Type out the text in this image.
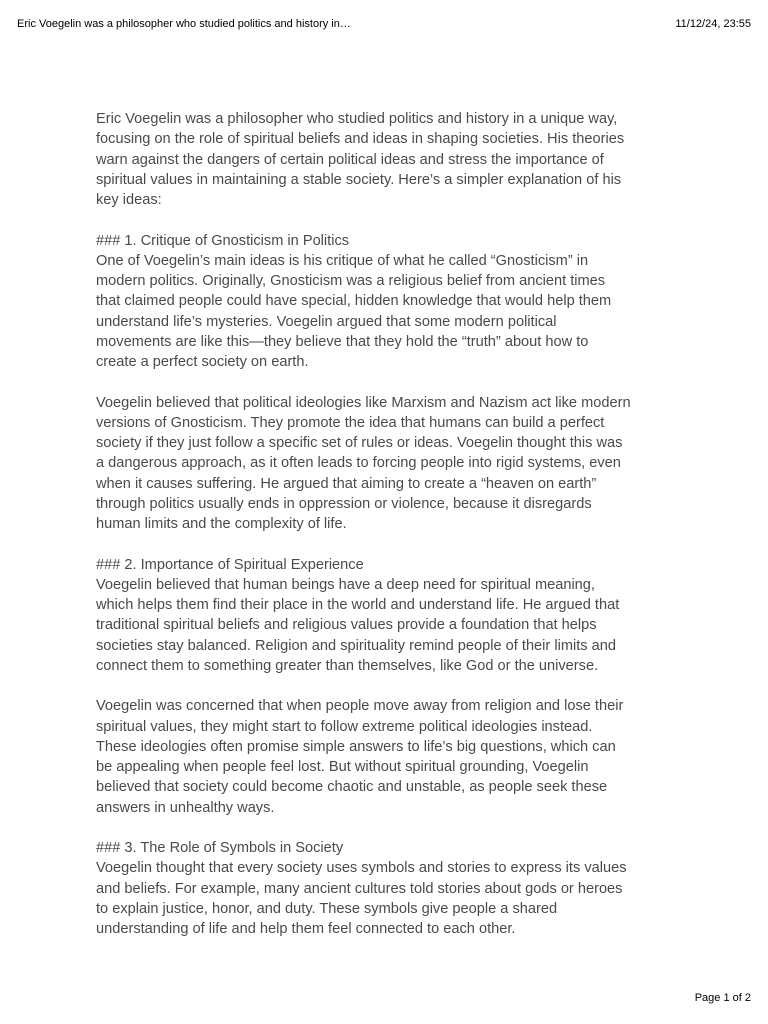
Eric Voegelin was a philosopher who studied politics and history in…	11/12/24, 23:55

Eric Voegelin was a philosopher who studied politics and history in a unique way,
focusing on the role of spiritual beliefs and ideas in shaping societies. His theories
warn against the dangers of certain political ideas and stress the importance of
spiritual values in maintaining a stable society. Here’s a simpler explanation of his
key ideas:

### 1. Critique of Gnosticism in Politics
One of Voegelin’s main ideas is his critique of what he called “Gnosticism” in
modern politics. Originally, Gnosticism was a religious belief from ancient times
that claimed people could have special, hidden knowledge that would help them
understand life’s mysteries. Voegelin argued that some modern political
movements are like this—they believe that they hold the “truth” about how to
create a perfect society on earth.

Voegelin believed that political ideologies like Marxism and Nazism act like modern
versions of Gnosticism. They promote the idea that humans can build a perfect
society if they just follow a specific set of rules or ideas. Voegelin thought this was
a dangerous approach, as it often leads to forcing people into rigid systems, even
when it causes suffering. He argued that aiming to create a “heaven on earth”
through politics usually ends in oppression or violence, because it disregards
human limits and the complexity of life.

### 2. Importance of Spiritual Experience
Voegelin believed that human beings have a deep need for spiritual meaning,
which helps them find their place in the world and understand life. He argued that
traditional spiritual beliefs and religious values provide a foundation that helps
societies stay balanced. Religion and spirituality remind people of their limits and
connect them to something greater than themselves, like God or the universe.

Voegelin was concerned that when people move away from religion and lose their
spiritual values, they might start to follow extreme political ideologies instead.
These ideologies often promise simple answers to life’s big questions, which can
be appealing when people feel lost. But without spiritual grounding, Voegelin
believed that society could become chaotic and unstable, as people seek these
answers in unhealthy ways.

### 3. The Role of Symbols in Society
Voegelin thought that every society uses symbols and stories to express its values
and beliefs. For example, many ancient cultures told stories about gods or heroes
to explain justice, honor, and duty. These symbols give people a shared
understanding of life and help them feel connected to each other.

Page 1 of 2
